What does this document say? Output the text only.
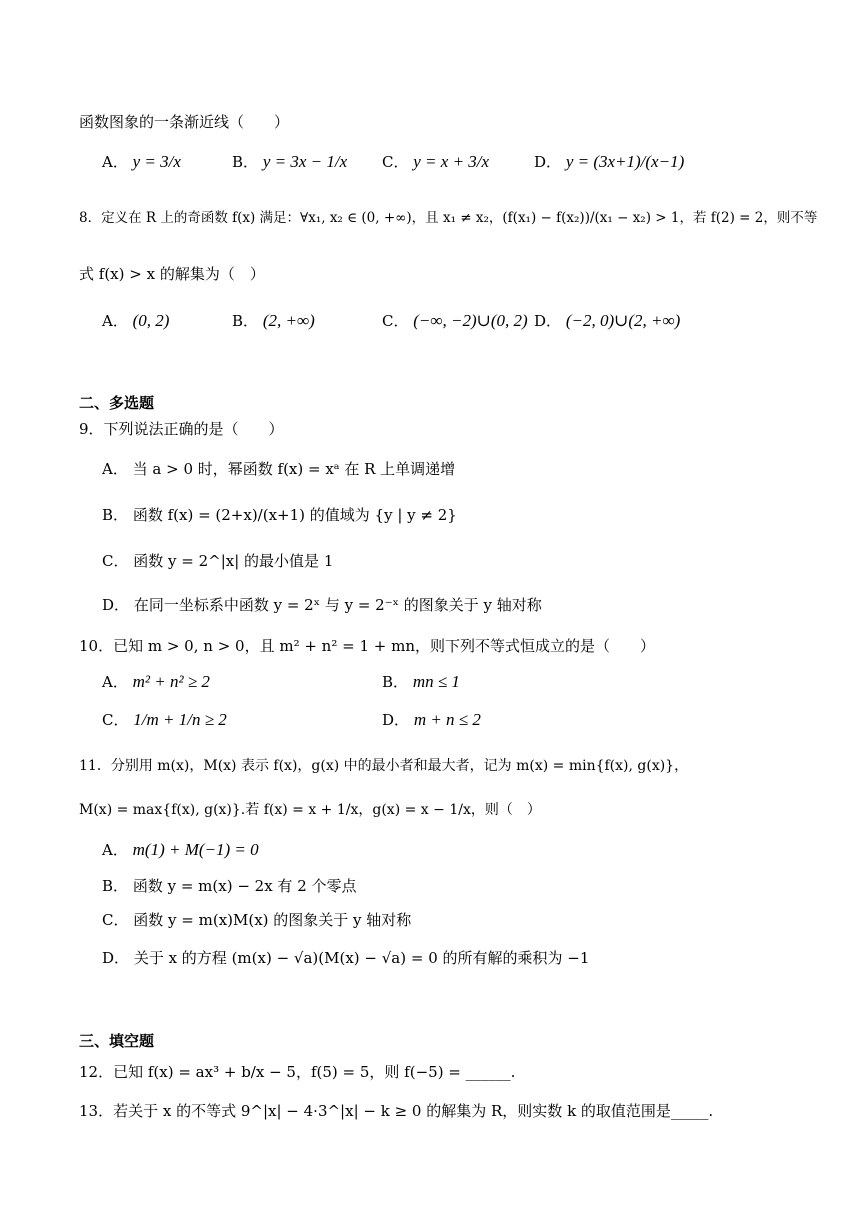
函数图象的一条渐近线（　　）
A． y = 3/x	B． y = 3x − 1/x C． y = x + 3/x	D． y = (3x+1)/(x−1)
8．定义在 R 上的奇函数 f(x) 满足：∀x₁, x₂ ∈ (0, +∞)，且 x₁ ≠ x₂，(f(x₁) − f(x₂))/(x₁ − x₂) > 1，若 f(2) = 2，则不等
式 f(x) > x 的解集为（　）
A． (0, 2)	B． (2, +∞)	C． (−∞, −2)∪(0, 2) D． (−2, 0)∪(2, +∞)
二、多选题
9．下列说法正确的是（　　）
A． 当 a > 0 时，幂函数 f(x) = xᵃ 在 R 上单调递增
B． 函数 f(x) = (2+x)/(x+1) 的值域为 {y | y ≠ 2}
C． 函数 y = 2^|x| 的最小值是 1
D． 在同一坐标系中函数 y = 2ˣ 与 y = 2⁻ˣ 的图象关于 y 轴对称
10．已知 m > 0, n > 0，且 m² + n² = 1 + mn，则下列不等式恒成立的是（　　）
A． m² + n² ≥ 2	B． mn ≤ 1
C． 1/m + 1/n ≥ 2	D． m + n ≤ 2
11．分别用 m(x)，M(x) 表示 f(x)，g(x) 中的最小者和最大者，记为 m(x) = min{f(x), g(x)}，
M(x) = max{f(x), g(x)}.若 f(x) = x + 1/x，g(x) = x − 1/x，则（　）
A． m(1) + M(−1) = 0
B． 函数 y = m(x) − 2x 有 2 个零点
C． 函数 y = m(x)M(x) 的图象关于 y 轴对称
D． 关于 x 的方程 (m(x) − √a)(M(x) − √a) = 0 的所有解的乘积为 −1
三、填空题
12．已知 f(x) = ax³ + b/x − 5，f(5) = 5，则 f(−5) = ______.
13．若关于 x 的不等式 9^|x| − 4·3^|x| − k ≥ 0 的解集为 R，则实数 k 的取值范围是_____.
